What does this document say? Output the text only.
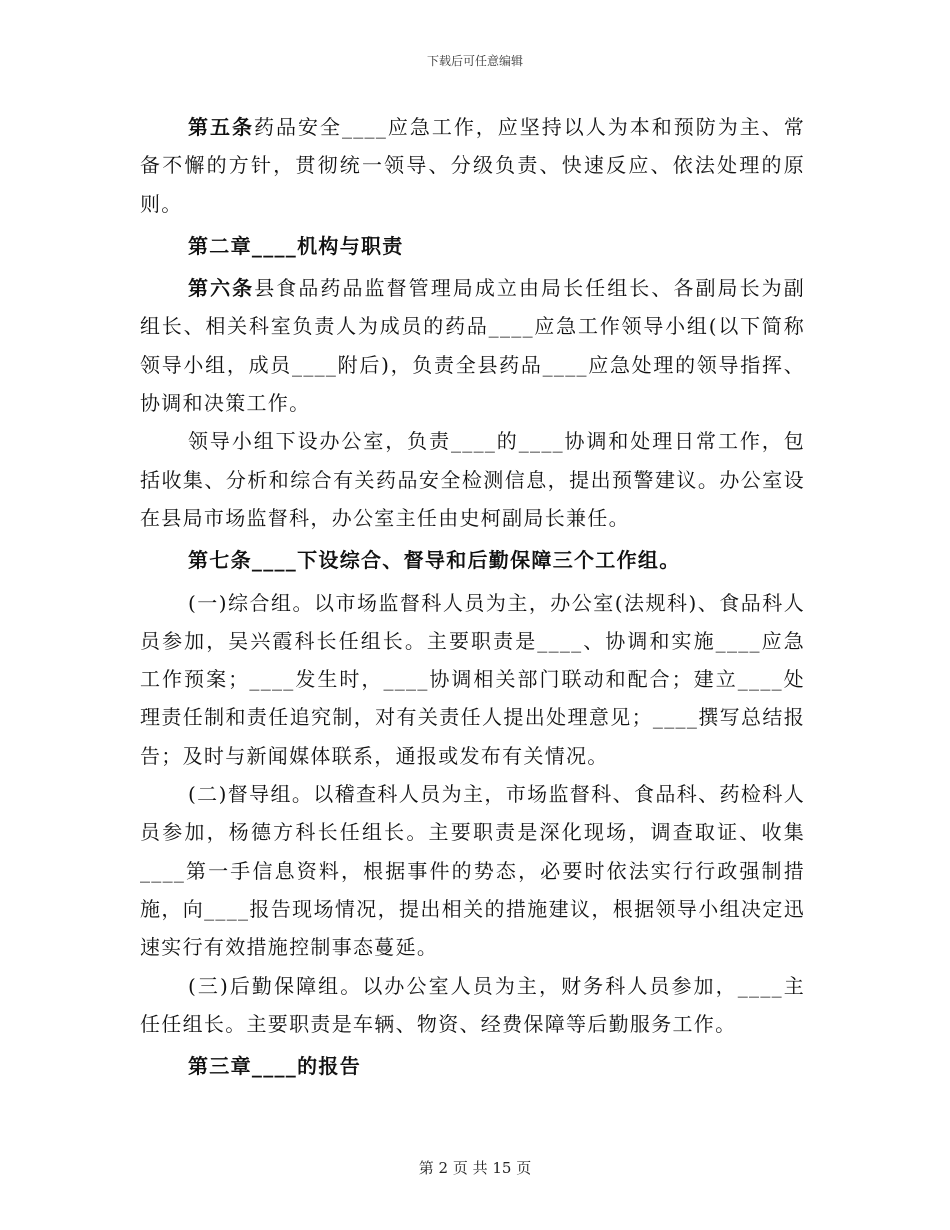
下载后可任意编辑

第五条药品安全____应急工作，应坚持以人为本和预防为主、常备不懈的方针，贯彻统一领导、分级负责、快速反应、依法处理的原则。

第二章____机构与职责

第六条县食品药品监督管理局成立由局长任组长、各副局长为副组长、相关科室负责人为成员的药品____应急工作领导小组(以下简称领导小组，成员____附后)，负责全县药品____应急处理的领导指挥、协调和决策工作。

领导小组下设办公室，负责____的____协调和处理日常工作，包括收集、分析和综合有关药品安全检测信息，提出预警建议。办公室设在县局市场监督科，办公室主任由史柯副局长兼任。

第七条____下设综合、督导和后勤保障三个工作组。

(一)综合组。以市场监督科人员为主，办公室(法规科)、食品科人员参加，吴兴霞科长任组长。主要职责是____、协调和实施____应急工作预案；____发生时，____协调相关部门联动和配合；建立____处理责任制和责任追究制，对有关责任人提出处理意见；____撰写总结报告；及时与新闻媒体联系，通报或发布有关情况。

(二)督导组。以稽查科人员为主，市场监督科、食品科、药检科人员参加，杨德方科长任组长。主要职责是深化现场，调查取证、收集____第一手信息资料，根据事件的势态，必要时依法实行行政强制措施，向____报告现场情况，提出相关的措施建议，根据领导小组决定迅速实行有效措施控制事态蔓延。

(三)后勤保障组。以办公室人员为主，财务科人员参加，____主任任组长。主要职责是车辆、物资、经费保障等后勤服务工作。

第三章____的报告

第 2 页 共 15 页
